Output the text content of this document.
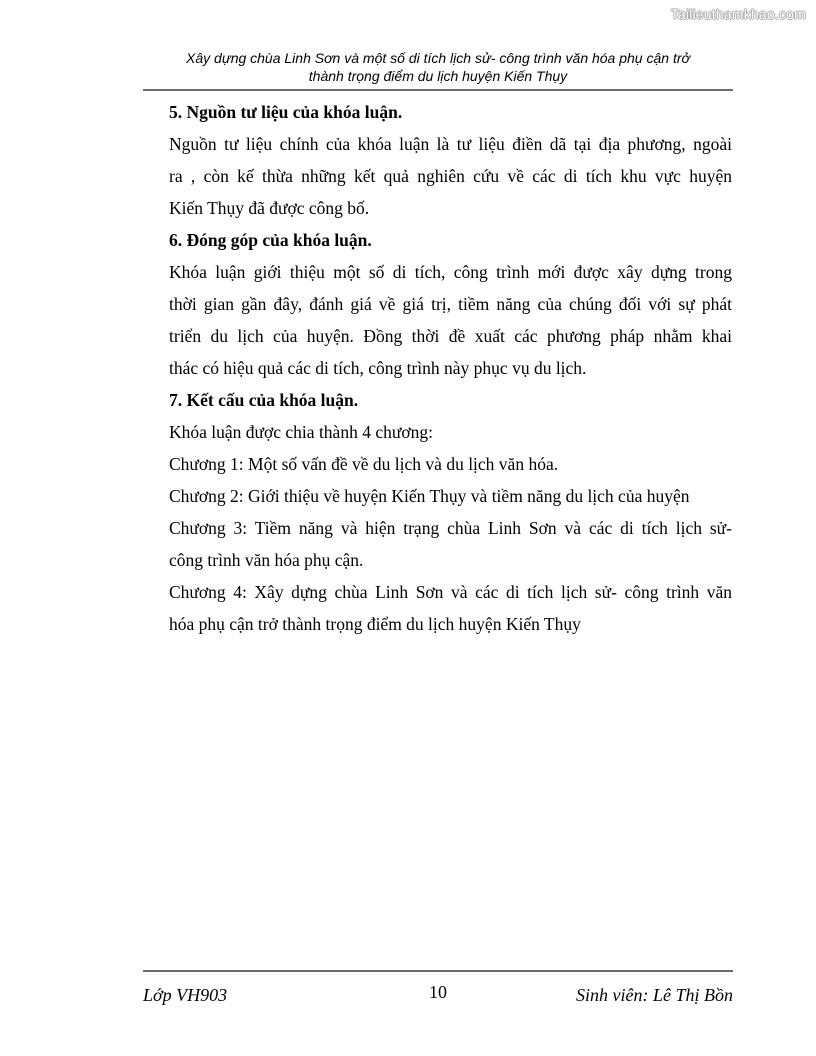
Tailieuthamkhao.com
Xây dựng chùa Linh Sơn và một số di tích lịch sử- công trình văn hóa phụ cận trở
thành trọng điểm du lịch huyện Kiến Thụy
5. Nguồn tư liệu của khóa luận.
Nguồn tư liệu chính của khóa luận là tư liệu điền dã tại địa phương, ngoài
ra , còn kế thừa những kết quả nghiên cứu về các di tích khu vực huyện
Kiến Thụy đã được công bố.
6. Đóng góp của khóa luận.
Khóa luận giới thiệu một số di tích, công trình mới được xây dựng trong
thời gian gần đây, đánh giá về giá trị, tiềm năng của chúng đối với sự phát
triển du lịch của huyện. Đồng thời đề xuất các phương pháp nhằm khai
thác có hiệu quả các di tích, công trình này phục vụ du lịch.
7. Kết cấu của khóa luận.
Khóa luận được chia thành 4 chương:
Chương 1: Một số vấn đề về du lịch và du lịch văn hóa.
Chương 2: Giới thiệu về huyện Kiến Thụy và tiềm năng du lịch của huyện
Chương 3: Tiềm năng và hiện trạng chùa Linh Sơn và các di tích lịch sử-
công trình văn hóa phụ cận.
Chương 4: Xây dựng chùa Linh Sơn và các di tích lịch sử- công trình văn
hóa phụ cận trở thành trọng điểm du lịch huyện Kiến Thụy
Lớp VH903	10	Sinh viên: Lê Thị Bồn
